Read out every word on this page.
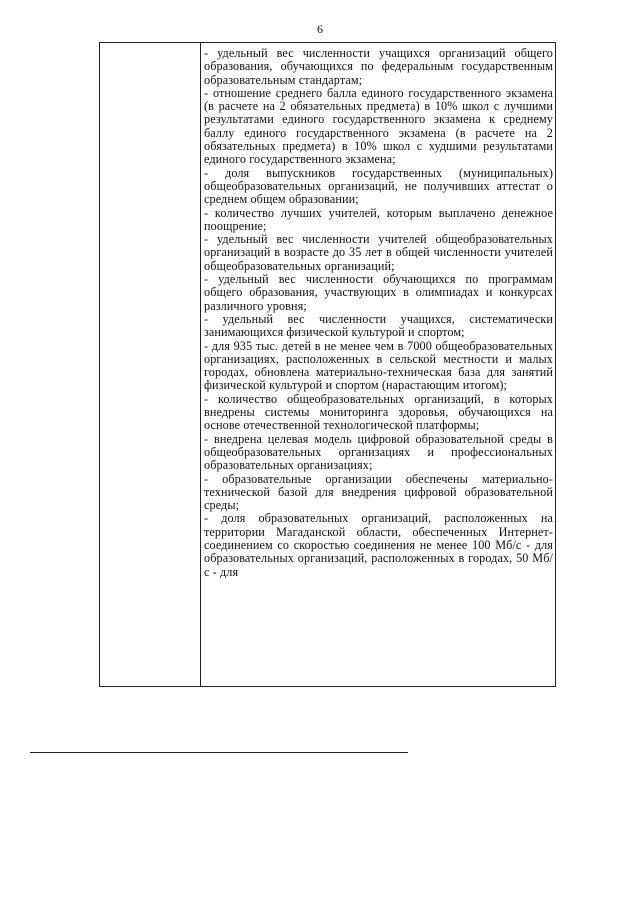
6

- удельный вес численности учащихся организаций общего образования, обучающихся по федеральным государственным образовательным стандартам;

- отношение среднего балла единого государственного экзамена (в расчете на 2 обязательных предмета) в 10% школ с лучшими результатами единого государственного экзамена к среднему баллу единого государственного экзамена (в расчете на 2 обязательных предмета) в 10% школ с худшими результатами единого государственного экзамена;

- доля выпускников государственных (муниципальных) общеобразовательных организаций, не получивших аттестат о среднем общем образовании;

- количество лучших учителей, которым выплачено денежное поощрение;

- удельный вес численности учителей общеобразовательных организаций в возрасте до 35 лет в общей численности учителей общеобразовательных организаций;

- удельный вес численности обучающихся по программам общего образования, участвующих в олимпиадах и конкурсах различного уровня;

- удельный вес численности учащихся, систематически занимающихся физической культурой и спортом;

- для 935 тыс. детей в не менее чем в 7000 общеобразовательных организациях, расположенных в сельской местности и малых городах, обновлена материально-техническая база для занятий физической культурой и спортом (нарастающим итогом);

- количество общеобразовательных организаций, в которых внедрены системы мониторинга здоровья, обучающихся на основе отечественной технологической платформы;

- внедрена целевая модель цифровой образовательной среды в общеобразовательных организациях и профессиональных образовательных организациях;

- образовательные организации обеспечены материально-технической базой для внедрения цифровой образовательной среды;

- доля образовательных организаций, расположенных на территории Магаданской области, обеспеченных Интернет-соединением со скоростью соединения не менее 100 Мб/с - для образовательных организаций, расположенных в городах, 50 Мб/с - для
